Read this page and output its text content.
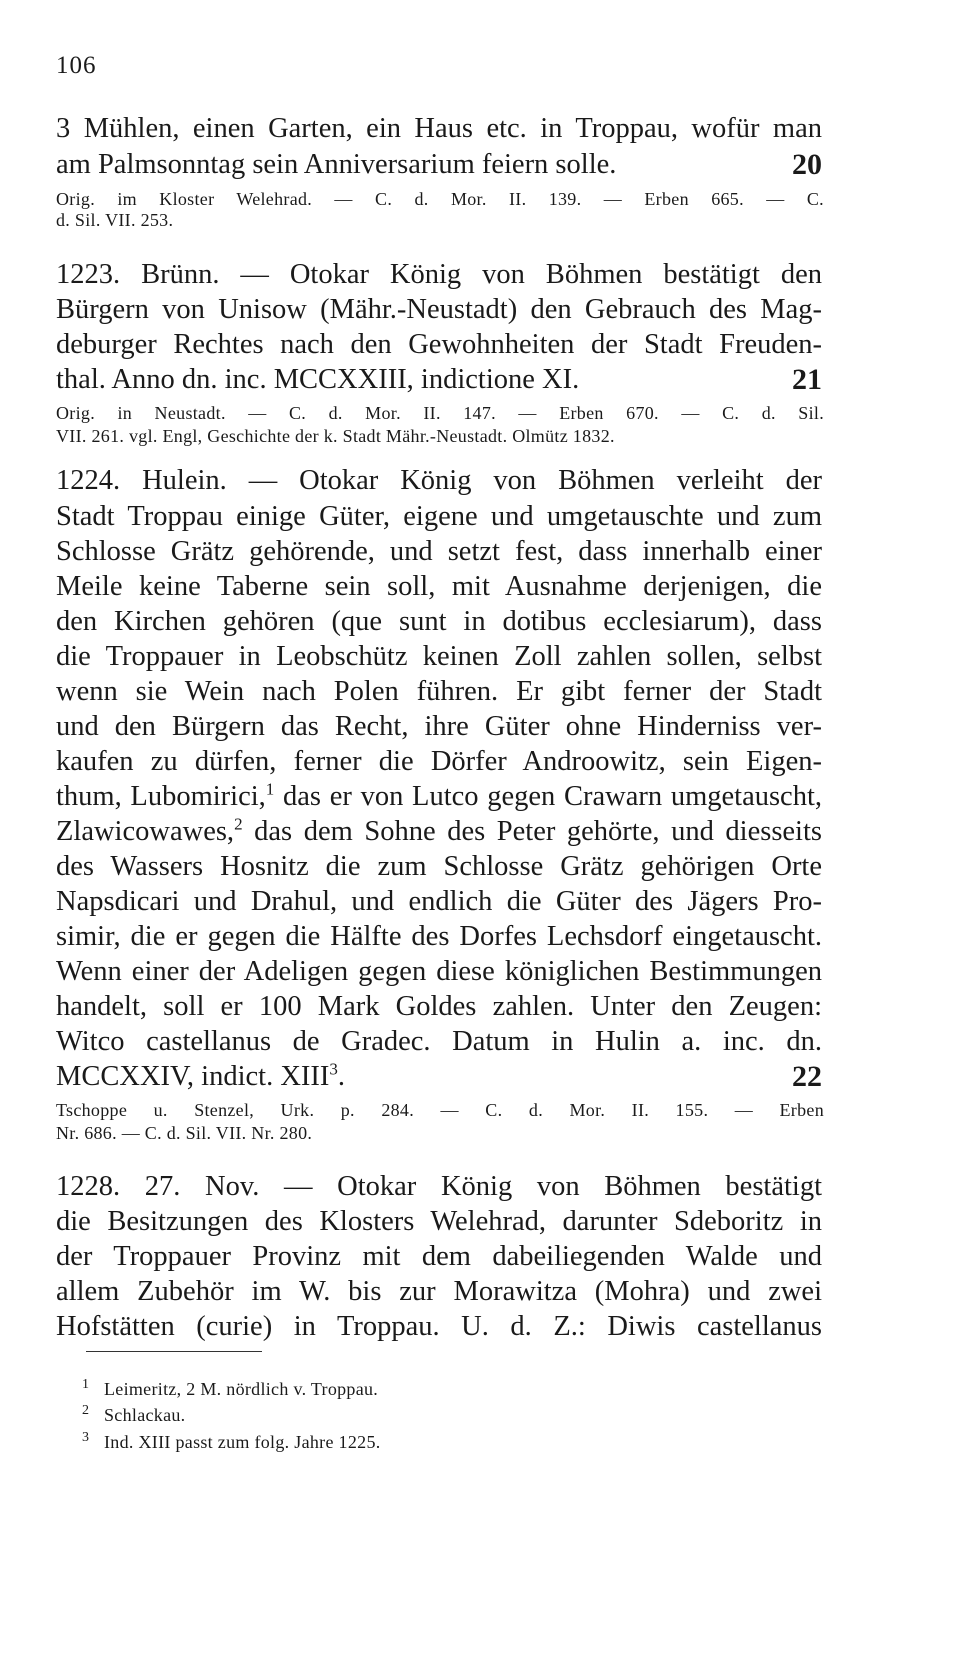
106
3 Mühlen, einen Garten, ein Haus etc. in Troppau, wofür man
am Palmsonntag sein Anniversarium feiern solle.	20
Orig. im Kloster Welehrad. — C. d. Mor. II. 139. — Erben 665. — C.
d. Sil. VII. 253.
1223. Brünn. — Otokar König von Böhmen bestätigt den
Bürgern von Unisow (Mähr.-Neustadt) den Gebrauch des Mag-
deburger Rechtes nach den Gewohnheiten der Stadt Freuden-
thal. Anno dn. inc. MCCXXIII, indictione XI.	21
Orig. in Neustadt. — C. d. Mor. II. 147. — Erben 670. — C. d. Sil.
VII. 261. vgl. Engl, Geschichte der k. Stadt Mähr.-Neustadt. Olmütz 1832.
1224. Hulein. — Otokar König von Böhmen verleiht der
Stadt Troppau einige Güter, eigene und umgetauschte und zum
Schlosse Grätz gehörende, und setzt fest, dass innerhalb einer
Meile keine Taberne sein soll, mit Ausnahme derjenigen, die
den Kirchen gehören (que sunt in dotibus ecclesiarum), dass
die Troppauer in Leobschütz keinen Zoll zahlen sollen, selbst
wenn sie Wein nach Polen führen. Er gibt ferner der Stadt
und den Bürgern das Recht, ihre Güter ohne Hinderniss ver-
kaufen zu dürfen, ferner die Dörfer Androowitz, sein Eigen-
thum, Lubomirici,$^1$ das er von Lutco gegen Crawarn umgetauscht,
Zlawicowawes,$^2$ das dem Sohne des Peter gehörte, und diesseits
des Wassers Hosnitz die zum Schlosse Grätz gehörigen Orte
Napsdicari und Drahul, und endlich die Güter des Jägers Pro-
simir, die er gegen die Hälfte des Dorfes Lechsdorf eingetauscht.
Wenn einer der Adeligen gegen diese königlichen Bestimmungen
handelt, soll er 100 Mark Goldes zahlen. Unter den Zeugen:
Witco castellanus de Gradec. Datum in Hulin a. inc. dn.
MCCXXIV, indict. XIII$^3$.	22
Tschoppe u. Stenzel, Urk. p. 284. — C. d. Mor. II. 155. — Erben
Nr. 686. — C. d. Sil. VII. Nr. 280.
1228. 27. Nov. — Otokar König von Böhmen bestätigt
die Besitzungen des Klosters Welehrad, darunter Sdeboritz in
der Troppauer Provinz mit dem dabeiliegenden Walde und
allem Zubehör im W. bis zur Morawitza (Mohra) und zwei
Hofstätten (curie) in Troppau. U. d. Z.: Diwis castellanus
1 Leimeritz, 2 M. nördlich v. Troppau.
2 Schlackau.
3 Ind. XIII passt zum folg. Jahre 1225.
